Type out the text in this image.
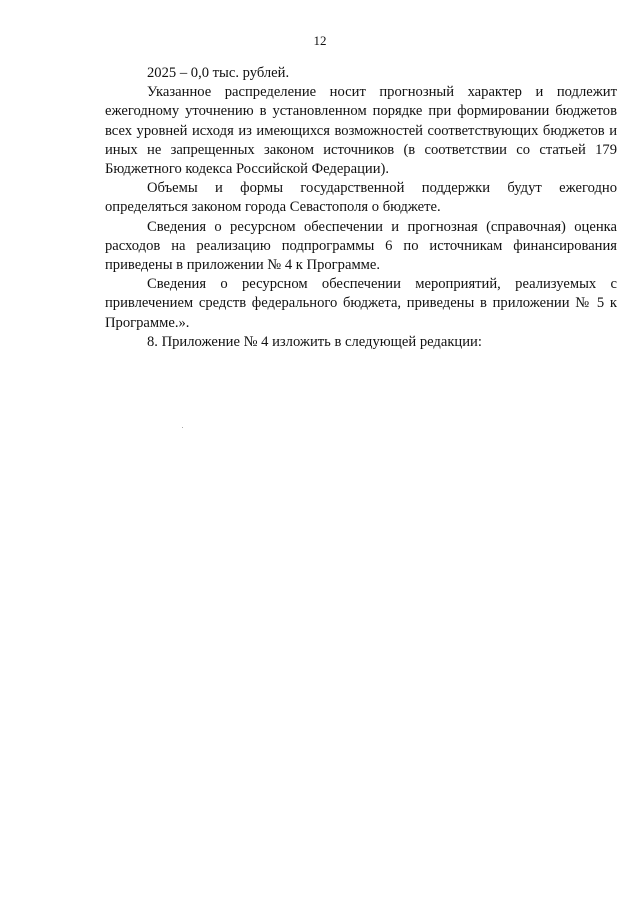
12

2025 – 0,0 тыс. рублей.

Указанное распределение носит прогнозный характер и подлежит ежегодному уточнению в установленном порядке при формировании бюджетов всех уровней исходя из имеющихся возможностей соответствующих бюджетов и иных не запрещенных законом источников (в соответствии со статьей 179 Бюджетного кодекса Российской Федерации).

Объемы и формы государственной поддержки будут ежегодно определяться законом города Севастополя о бюджете.

Сведения о ресурсном обеспечении и прогнозная (справочная) оценка расходов на реализацию подпрограммы 6 по источникам финансирования приведены в приложении № 4 к Программе.

Сведения о ресурсном обеспечении мероприятий, реализуемых с привлечением средств федерального бюджета, приведены в приложении № 5 к Программе.».

8. Приложение № 4 изложить в следующей редакции:
